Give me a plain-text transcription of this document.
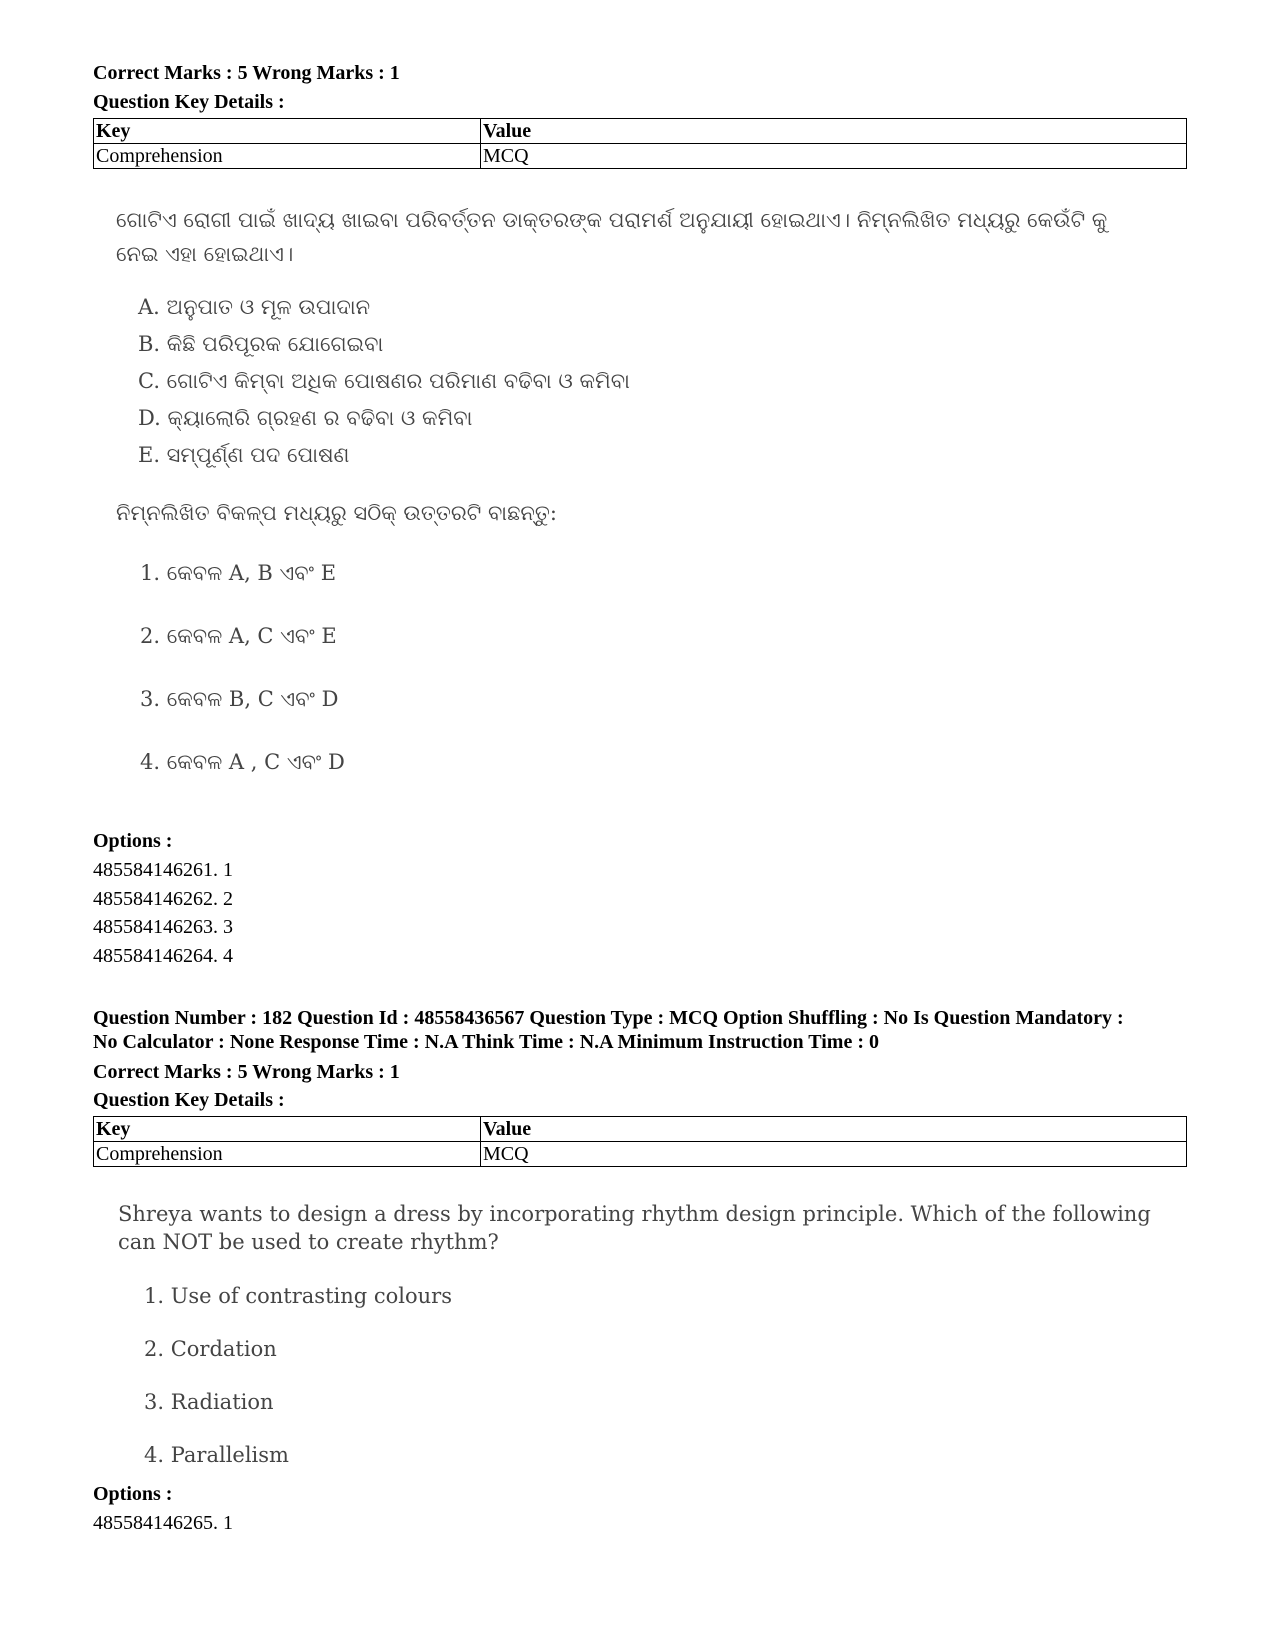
Correct Marks : 5 Wrong Marks : 1
Question Key Details :
Key	Value
Comprehension	MCQ
ଗୋଟିଏ ରୋଗୀ ପାଇଁ ଖାଦ୍ୟ ଖାଇବା ପରିବର୍ତ୍ତନ ଡାକ୍ତରଙ୍କ ପରାମର୍ଶ ଅନୁଯାୟୀ ହୋଇଥାଏ। ନିମ୍ନଲିଖିତ ମଧ୍ୟରୁ କେଉଁଟି କୁ ନେଇ ଏହା ହୋଇଥାଏ।

A. ଅନୁପାତ ଓ ମୂଳ ଉପାଦାନ

B. କିଛି ପରିପୂରକ ଯୋଗେଇବା

C. ଗୋଟିଏ କିମ୍ବା ଅଧିକ ପୋଷଣର ପରିମାଣ ବଢିବା ଓ କମିବା

D. କ୍ୟାଲୋରି ଗ୍ରହଣ ର ବଢିବା ଓ କମିବା

E. ସମ୍ପୂର୍ଣ୍ଣ ପଦ ପୋଷଣ

ନିମ୍ନଲିଖିତ ବିକଳ୍ପ ମଧ୍ୟରୁ ସଠିକ୍ ଉତ୍ତରଟି ବାଛନ୍ତୁ:

1. କେବଳ A, B ଏବଂ E

2. କେବଳ A, C ଏବଂ E

3. କେବଳ B, C ଏବଂ D

4. କେବଳ A , C ଏବଂ D

Options :
485584146261. 1
485584146262. 2
485584146263. 3
485584146264. 4
Question Number : 182 Question Id : 48558436567 Question Type : MCQ Option Shuffling : No Is Question Mandatory :
No Calculator : None Response Time : N.A Think Time : N.A Minimum Instruction Time : 0
Correct Marks : 5 Wrong Marks : 1
Question Key Details :
Key	Value
Comprehension	MCQ
Shreya wants to design a dress by incorporating rhythm design principle. Which of the following can NOT be used to create rhythm?

1. Use of contrasting colours

2. Cordation

3. Radiation

4. Parallelism

Options :
485584146265. 1
